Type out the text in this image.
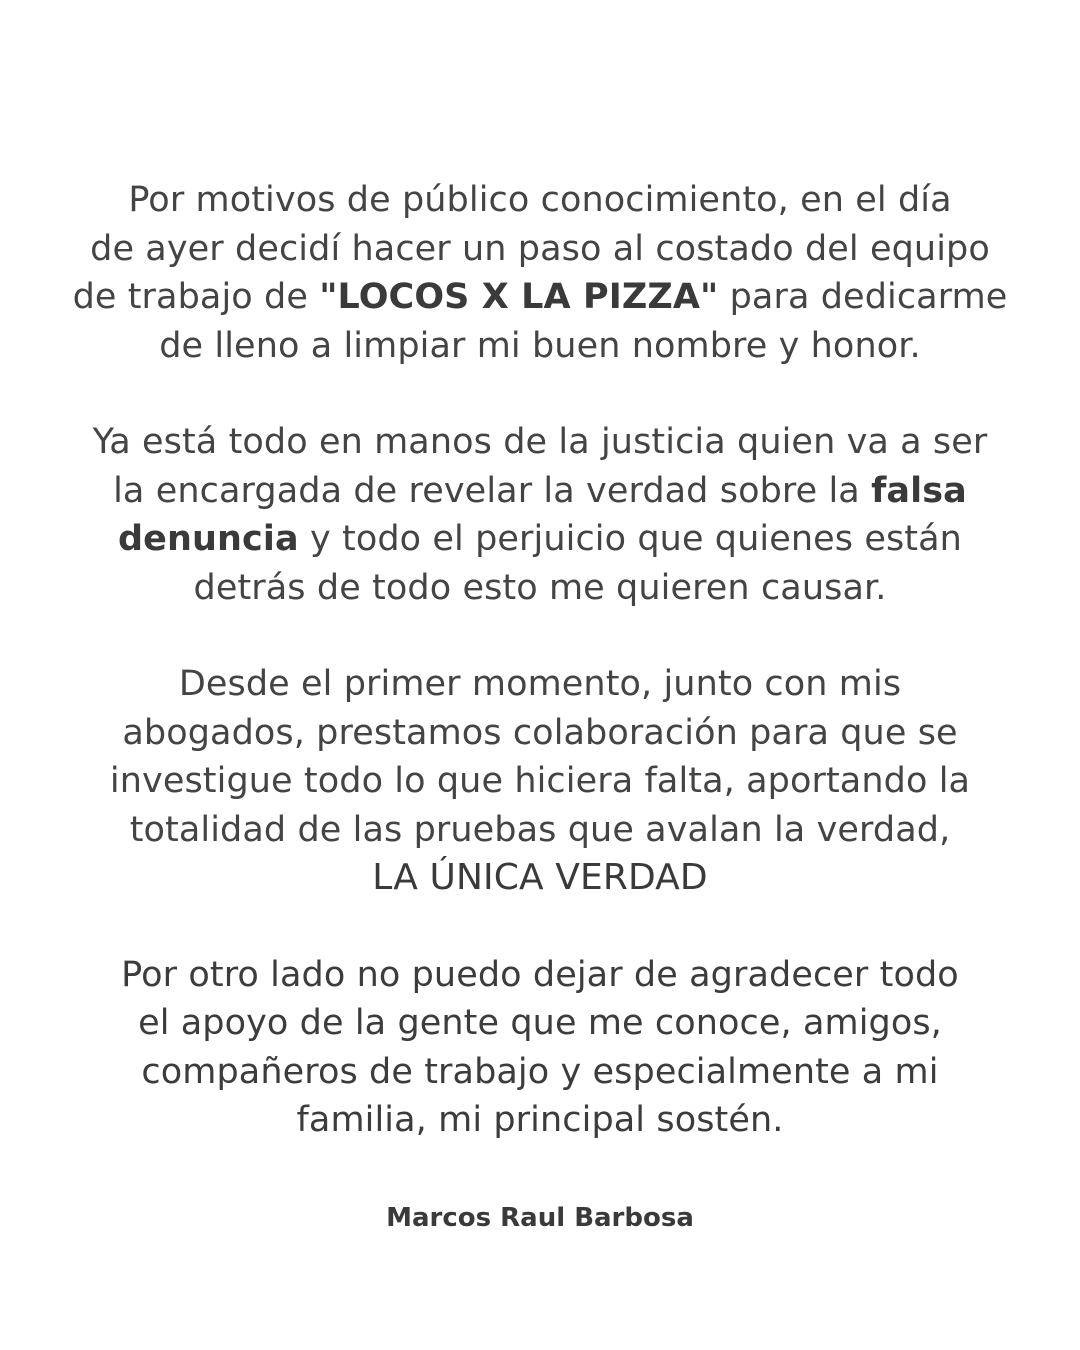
Por motivos de público conocimiento, en el día
de ayer decidí hacer un paso al costado del equipo
de trabajo de "LOCOS X LA PIZZA" para dedicarme
de lleno a limpiar mi buen nombre y honor.

Ya está todo en manos de la justicia quien va a ser
la encargada de revelar la verdad sobre la falsa
denuncia y todo el perjuicio que quienes están
detrás de todo esto me quieren causar.

Desde el primer momento, junto con mis
abogados, prestamos colaboración para que se
investigue todo lo que hiciera falta, aportando la
totalidad de las pruebas que avalan la verdad,
LA ÚNICA VERDAD

Por otro lado no puedo dejar de agradecer todo
el apoyo de la gente que me conoce, amigos,
compañeros de trabajo y especialmente a mi
familia, mi principal sostén.

Marcos Raul Barbosa
